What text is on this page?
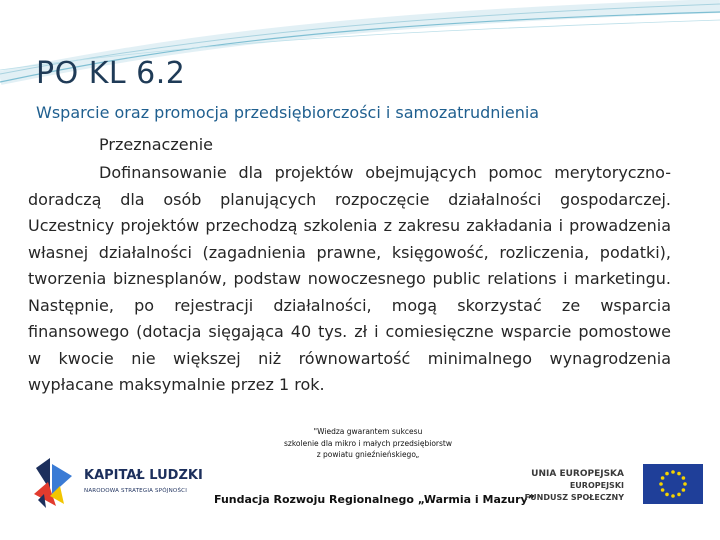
PO KL 6.2
Wsparcie oraz promocja przedsiębiorczości i samozatrudnienia
Przeznaczenie

Dofinansowanie dla projektów obejmujących pomoc merytoryczno-doradczą dla osób planujących rozpoczęcie działalności gospodarczej. Uczestnicy projektów przechodzą szkolenia z zakresu zakładania i prowadzenia własnej działalności (zagadnienia prawne, księgowość, rozliczenia, podatki), tworzenia biznesplanów, podstaw nowoczesnego public relations i marketingu. Następnie, po rejestracji działalności, mogą skorzystać ze wsparcia finansowego (dotacja sięgająca 40 tys. zł i comiesięczne wsparcie pomostowe w kwocie nie większej niż równowartość minimalnego wynagrodzenia wypłacane maksymalnie przez 1 rok.

KAPITAŁ LUDZKI
NARODOWA STRATEGIA SPÓJNOŚCI
"Wiedza gwarantem sukcesu
szkolenie dla mikro i małych przedsiębiorstw
z powiatu gnieźnieńskiego„
Fundacja Rozwoju Regionalnego „Warmia i Mazury”
UNIA EUROPEJSKA
EUROPEJSKI
FUNDUSZ SPOŁECZNY
